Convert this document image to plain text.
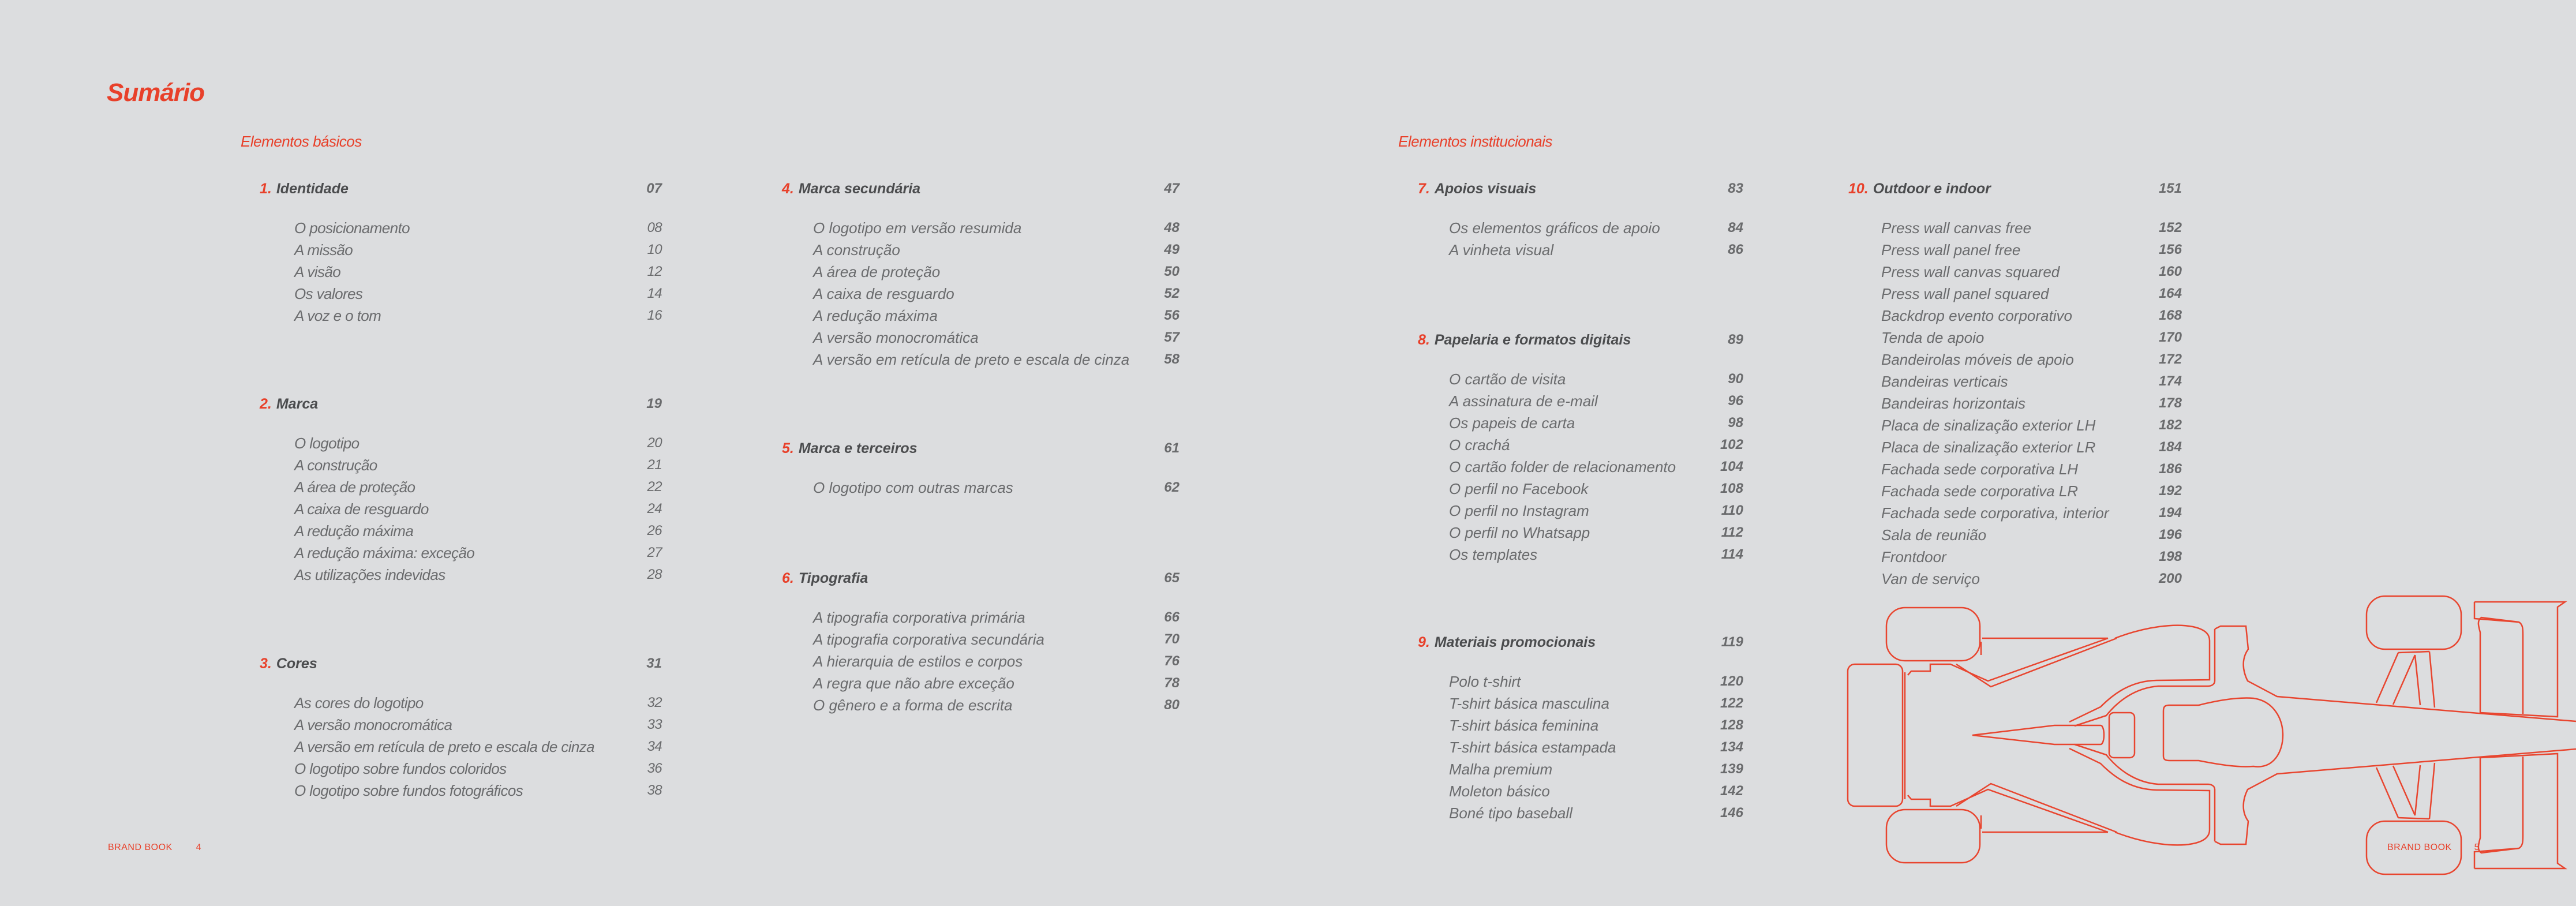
Sumário
Elementos básicos	Elementos institucionais
1. Identidade	07
O posicionamento	08
A missão	10
A visão	12
Os valores	14
A voz e o tom	16
2. Marca	19
O logotipo	20
A construção	21
A área de proteção	22
A caixa de resguardo	24
A redução máxima	26
A redução máxima: exceção	27
As utilizações indevidas	28
3. Cores	31
As cores do logotipo	32
A versão monocromática	33
A versão em retícula de preto e escala de cinza	34
O logotipo sobre fundos coloridos	36
O logotipo sobre fundos fotográficos	38
4. Marca secundária	47
O logotipo em versão resumida	48
A construção	49
A área de proteção	50
A caixa de resguardo	52
A redução máxima	56
A versão monocromática	57
A versão em retícula de preto e escala de cinza	58
5. Marca e terceiros	61
O logotipo com outras marcas	62
6. Tipografia	65
A tipografia corporativa primária	66
A tipografia corporativa secundária	70
A hierarquia de estilos e corpos	76
A regra que não abre exceção	78
O gênero e a forma de escrita	80
7. Apoios visuais	83
Os elementos gráficos de apoio	84
A vinheta visual	86
8. Papelaria e formatos digitais	89
O cartão de visita	90
A assinatura de e-mail	96
Os papeis de carta	98
O crachá	102
O cartão folder de relacionamento	104
O perfil no Facebook	108
O perfil no Instagram	110
O perfil no Whatsapp	112
Os templates	114
9. Materiais promocionais	119
Polo t-shirt	120
T-shirt básica masculina	122
T-shirt básica feminina	128
T-shirt básica estampada	134
Malha premium	139
Moleton básico	142
Boné tipo baseball	146
10. Outdoor e indoor	151
Press wall canvas free	152
Press wall panel free	156
Press wall canvas squared	160
Press wall panel squared	164
Backdrop evento corporativo	168
Tenda de apoio	170
Bandeirolas móveis de apoio	172
Bandeiras verticais	174
Bandeiras horizontais	178
Placa de sinalização exterior LH	182
Placa de sinalização exterior LR	184
Fachada sede corporativa LH	186
Fachada sede corporativa LR	192
Fachada sede corporativa, interior	194
Sala de reunião	196
Frontdoor	198
Van de serviço	200
BRAND BOOK	4	BRAND BOOK 5
